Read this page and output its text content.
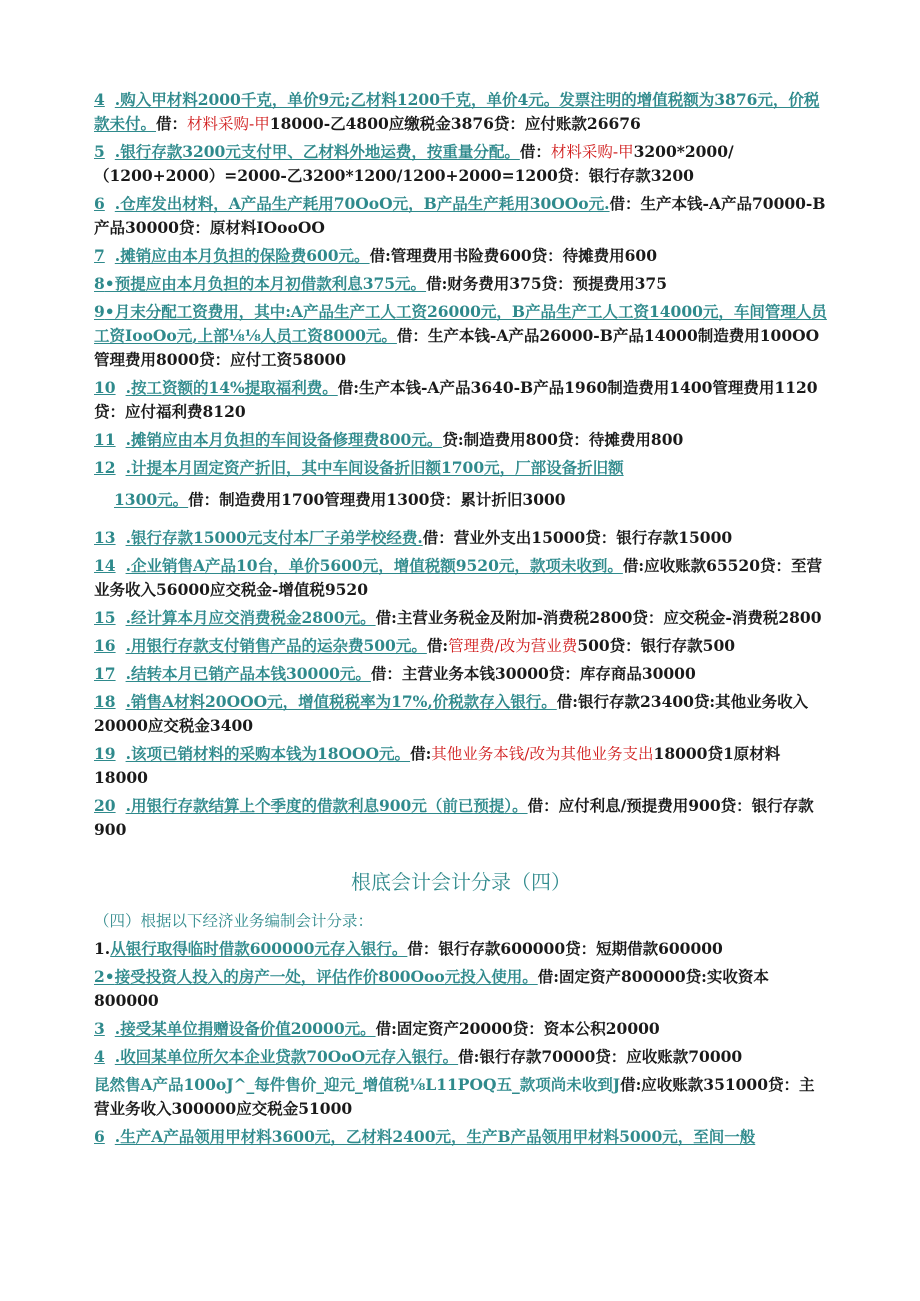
4 .购入甲材料2000千克，单价9元;乙材料1200千克，单价4元。发票注明的增值税额为3876元，价税款未付。借：材料采购-甲18000-乙4800应缴税金3876贷：应付账款26676

5 .银行存款3200元支付甲、乙材料外地运费，按重量分配。借：材料采购-甲3200*2000/（1200+2000）=2000-乙3200*1200/1200+2000=1200贷：银行存款3200

6 .仓库发出材料，A产品生产耗用70OoO元，B产品生产耗用30OOo元.借：生产本钱-A产品70000-B产品30000贷：原材料IOooOO

7 .摊销应由本月负担的保险费600元。借:管理费用书险费600贷：待摊费用600

8•预提应由本月负担的本月初借款利息375元。借:财务费用375贷：预提费用375

9•月末分配工资费用，其中:A产品生产工人工资26000元，B产品生产工人工资14000元，车间管理人员工资IooOo元,上部⅛⅛人员工资8000元。借：生产本钱-A产品26000-B产品14000制造费用100OO管理费用8000贷：应付工资58000

10 .按工资额的14%提取福利费。借:生产本钱-A产品3640-B产品1960制造费用1400管理费用1120贷：应付福利费8120

11 .摊销应由本月负担的车间设备修理费800元。贷:制造费用800贷：待摊费用800

12 .计提本月固定资产折旧，其中车间设备折旧额1700元，厂部设备折旧额

1300元。借：制造费用1700管理费用1300贷：累计折旧3000

13 .银行存款15000元支付本厂子弟学校经费.借：营业外支出15000贷：银行存款15000

14 .企业销售A产品10台，单价5600元，增值税额9520元，款项未收到。借:应收账款65520贷：至营业务收入56000应交税金-增值税9520

15 .经计算本月应交消费税金2800元。借:主营业务税金及附加-消费税2800贷：应交税金-消费税2800

16 .用银行存款支付销售产品的运杂费500元。借:管理费/改为营业费500贷：银行存款500

17 .结转本月已销产品本钱30000元。借：主营业务本钱30000贷：库存商品30000

18 .销售A材料20OOO元，增值税税率为17%,价税款存入银行。借:银行存款23400贷:其他业务收入20000应交税金3400

19 .该项已销材料的采购本钱为18OOO元。借:其他业务本钱/改为其他业务支出18000贷1原材料18000

20 .用银行存款结算上个季度的借款利息900元（前已预提）。借：应付利息/预提费用900贷：银行存款900

根底会计会计分录（四）

（四）根据以下经济业务编制会计分录：

1.从银行取得临时借款600000元存入银行。借：银行存款600000贷：短期借款600000

2•接受投资人投入的房产一处，评估作价800Ooo元投入使用。借:固定资产800000贷:实收资本800000

3 .接受某单位捐赠设备价值20000元。借:固定资产20000贷：资本公积20000

4 .收回某单位所欠本企业贷款70OoO元存入银行。借:银行存款70000贷：应收账款70000

昆然售A产品100oJ^_每件售价_迎元_增值税⅛L11POQ五_款项尚未收到J借:应收账款351000贷：主营业务收入300000应交税金51000

6 .生产A产品领用甲材料3600元，乙材料2400元，生产B产品领用甲材料5000元，至间一般
